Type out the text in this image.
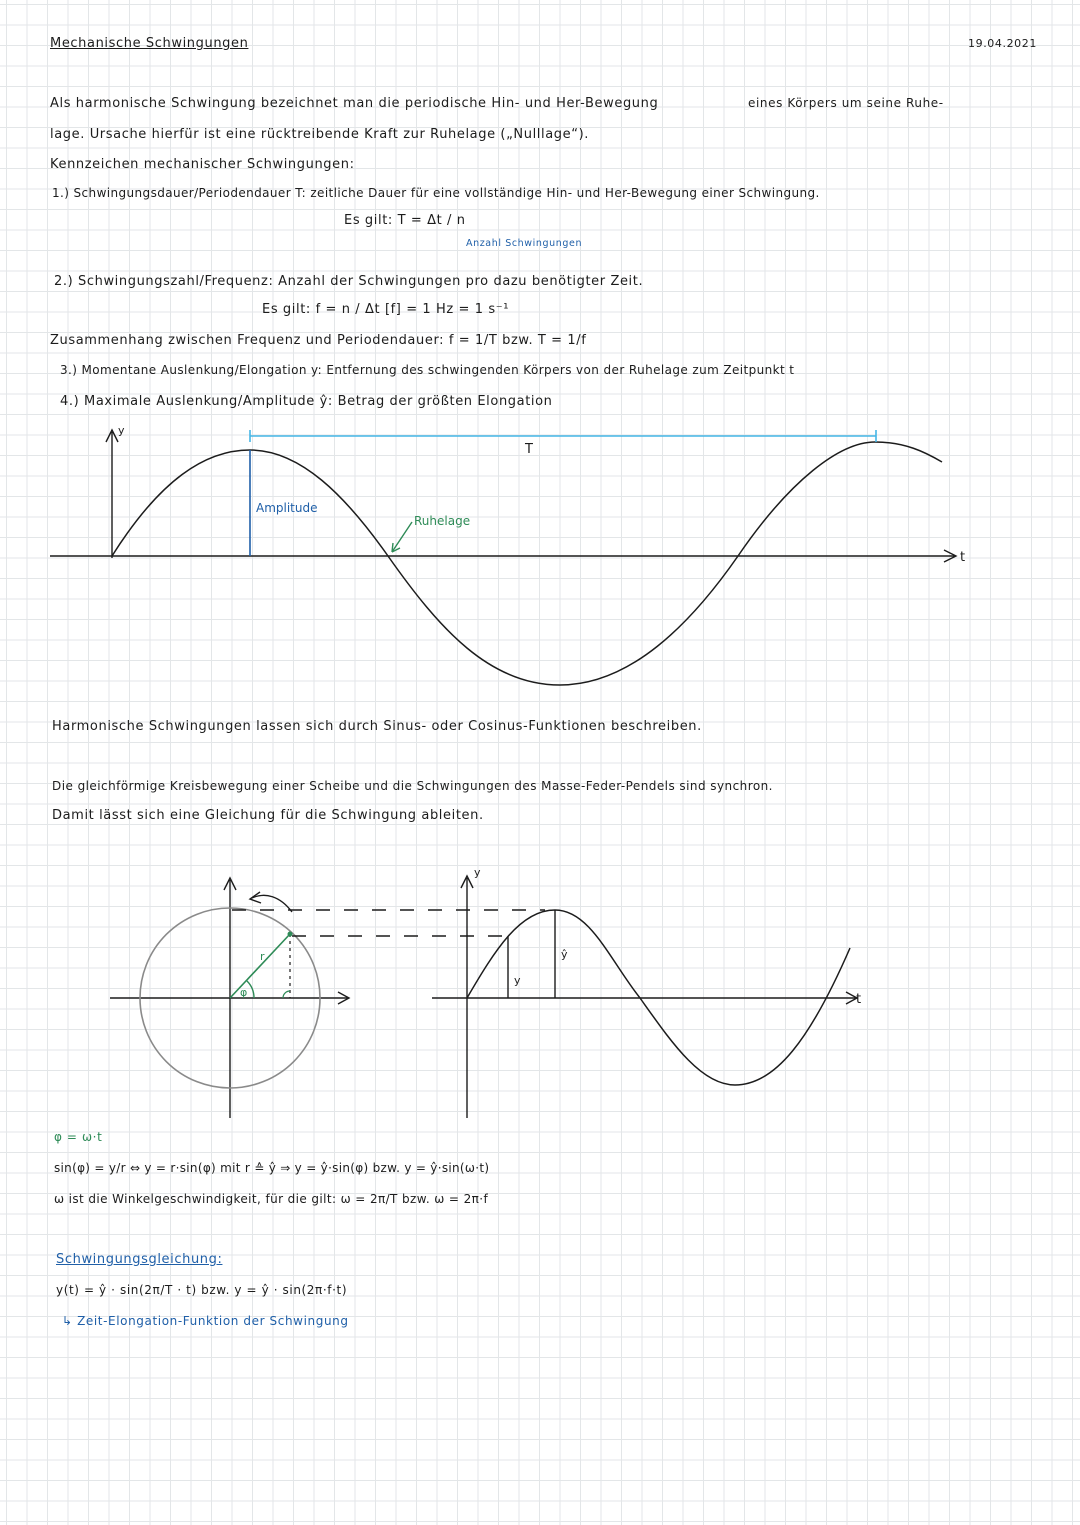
Mechanische Schwingungen	19.04.2021
Als harmonische Schwingung bezeichnet man die periodische Hin- und Her-Bewegung	eines Körpers um seine Ruhe-
lage. Ursache hierfür ist eine rücktreibende Kraft zur Ruhelage („Nulllage“).
Kennzeichen mechanischer Schwingungen:
1.) Schwingungsdauer/Periodendauer T: zeitliche Dauer für eine vollständige Hin- und Her-Bewegung einer Schwingung.
Es gilt: T = Δt / n
Anzahl Schwingungen
2.) Schwingungszahl/Frequenz: Anzahl der Schwingungen pro dazu benötigter Zeit.
Es gilt: f = n / Δt [f] = 1 Hz = 1 s⁻¹
Zusammenhang zwischen Frequenz und Periodendauer: f = 1/T bzw. T = 1/f
3.) Momentane Auslenkung/Elongation y: Entfernung des schwingenden Körpers von der Ruhelage zum Zeitpunkt t
4.) Maximale Auslenkung/Amplitude ŷ: Betrag der größten Elongation
y
t
Amplitude
T
Ruhelage
Harmonische Schwingungen lassen sich durch Sinus- oder Cosinus-Funktionen beschreiben.
Die gleichförmige Kreisbewegung einer Scheibe und die Schwingungen des Masse-Feder-Pendels sind synchron.
Damit lässt sich eine Gleichung für die Schwingung ableiten.
r
φ
y
t
y
ŷ
φ = ω·t
sin(φ) = y/r ⇔ y = r·sin(φ) mit r ≙ ŷ ⇒ y = ŷ·sin(φ) bzw. y = ŷ·sin(ω·t)
ω ist die Winkelgeschwindigkeit, für die gilt: ω = 2π/T bzw. ω = 2π·f
Schwingungsgleichung:
y(t) = ŷ · sin(2π/T · t) bzw. y = ŷ · sin(2π·f·t)
↳ Zeit-Elongation-Funktion der Schwingung
